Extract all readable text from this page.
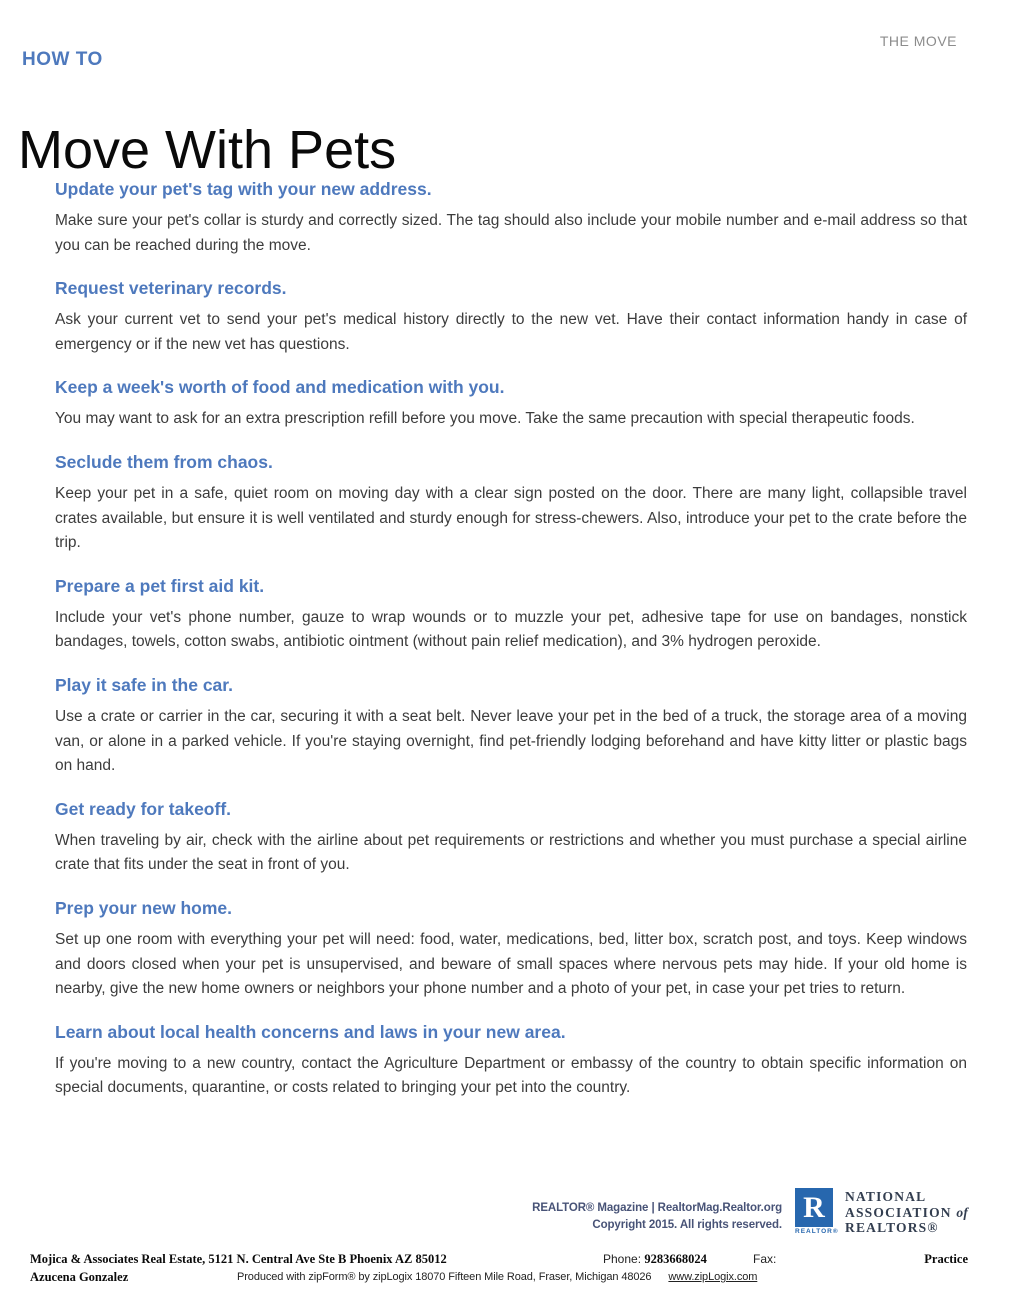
THE MOVE
HOW TO
Move With Pets
Update your pet's tag with your new address.

Make sure your pet's collar is sturdy and correctly sized. The tag should also include your mobile number and e-mail address so that you can be reached during the move.

Request veterinary records.

Ask your current vet to send your pet's medical history directly to the new vet. Have their contact information handy in case of emergency or if the new vet has questions.

Keep a week's worth of food and medication with you.

You may want to ask for an extra prescription refill before you move. Take the same precaution with special therapeutic foods.

Seclude them from chaos.

Keep your pet in a safe, quiet room on moving day with a clear sign posted on the door. There are many light, collapsible travel crates available, but ensure it is well ventilated and sturdy enough for stress-chewers. Also, introduce your pet to the crate before the trip.

Prepare a pet first aid kit.

Include your vet's phone number, gauze to wrap wounds or to muzzle your pet, adhesive tape for use on bandages, nonstick bandages, towels, cotton swabs, antibiotic ointment (without pain relief medication), and 3% hydrogen peroxide.

Play it safe in the car.

Use a crate or carrier in the car, securing it with a seat belt. Never leave your pet in the bed of a truck, the storage area of a moving van, or alone in a parked vehicle. If you're staying overnight, find pet-friendly lodging beforehand and have kitty litter or plastic bags on hand.

Get ready for takeoff.

When traveling by air, check with the airline about pet requirements or restrictions and whether you must purchase a special airline crate that fits under the seat in front of you.

Prep your new home.

Set up one room with everything your pet will need: food, water, medications, bed, litter box, scratch post, and toys. Keep windows and doors closed when your pet is unsupervised, and beware of small spaces where nervous pets may hide. If your old home is nearby, give the new home owners or neighbors your phone number and a photo of your pet, in case your pet tries to return.

Learn about local health concerns and laws in your new area.

If you're moving to a new country, contact the Agriculture Department or embassy of the country to obtain specific information on special documents, quarantine, or costs related to bringing your pet into the country.

REALTOR® Magazine | RealtorMag.Realtor.org
Copyright 2015. All rights reserved.
R
REALTOR®
NATIONAL
ASSOCIATION of
REALTORS®
Mojica & Associates Real Estate, 5121 N. Central Ave Ste B Phoenix AZ 85012	Phone: 9283668024	Fax:	Practice
Azucena Gonzalez	Produced with zipForm® by zipLogix 18070 Fifteen Mile Road, Fraser, Michigan 48026 www.zipLogix.com
